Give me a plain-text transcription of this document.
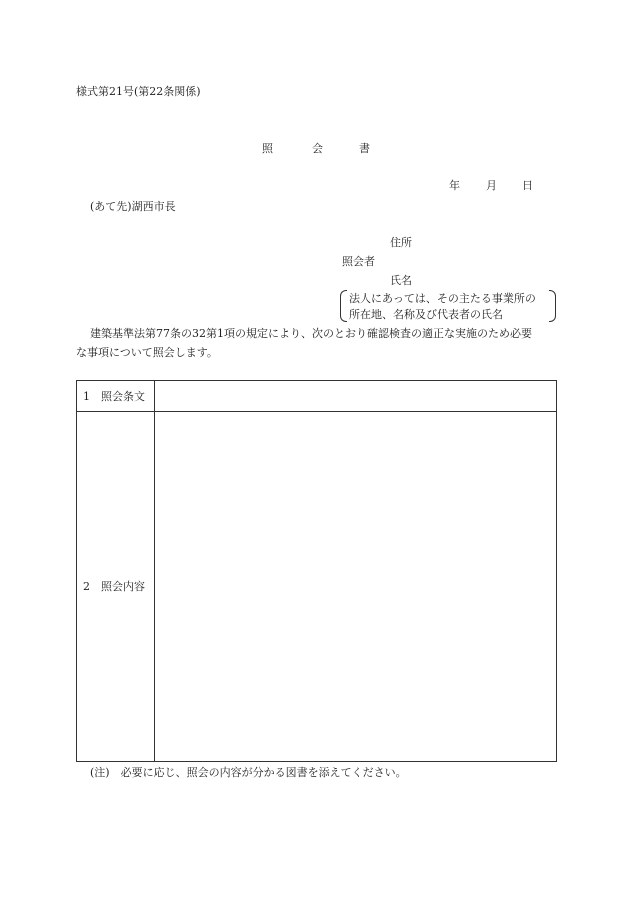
様式第21号(第22条関係)
照	会	書
年 月 日
(あて先)湖西市長
住所
照会者
氏名
法人にあっては、その主たる事業所の
所在地、名称及び代表者の氏名
建築基準法第77条の32第1項の規定により、次のとおり確認検査の適正な実施のため必要
な事項について照会します。
1　照会条文
2　照会内容
(注)　必要に応じ、照会の内容が分かる図書を添えてください。
